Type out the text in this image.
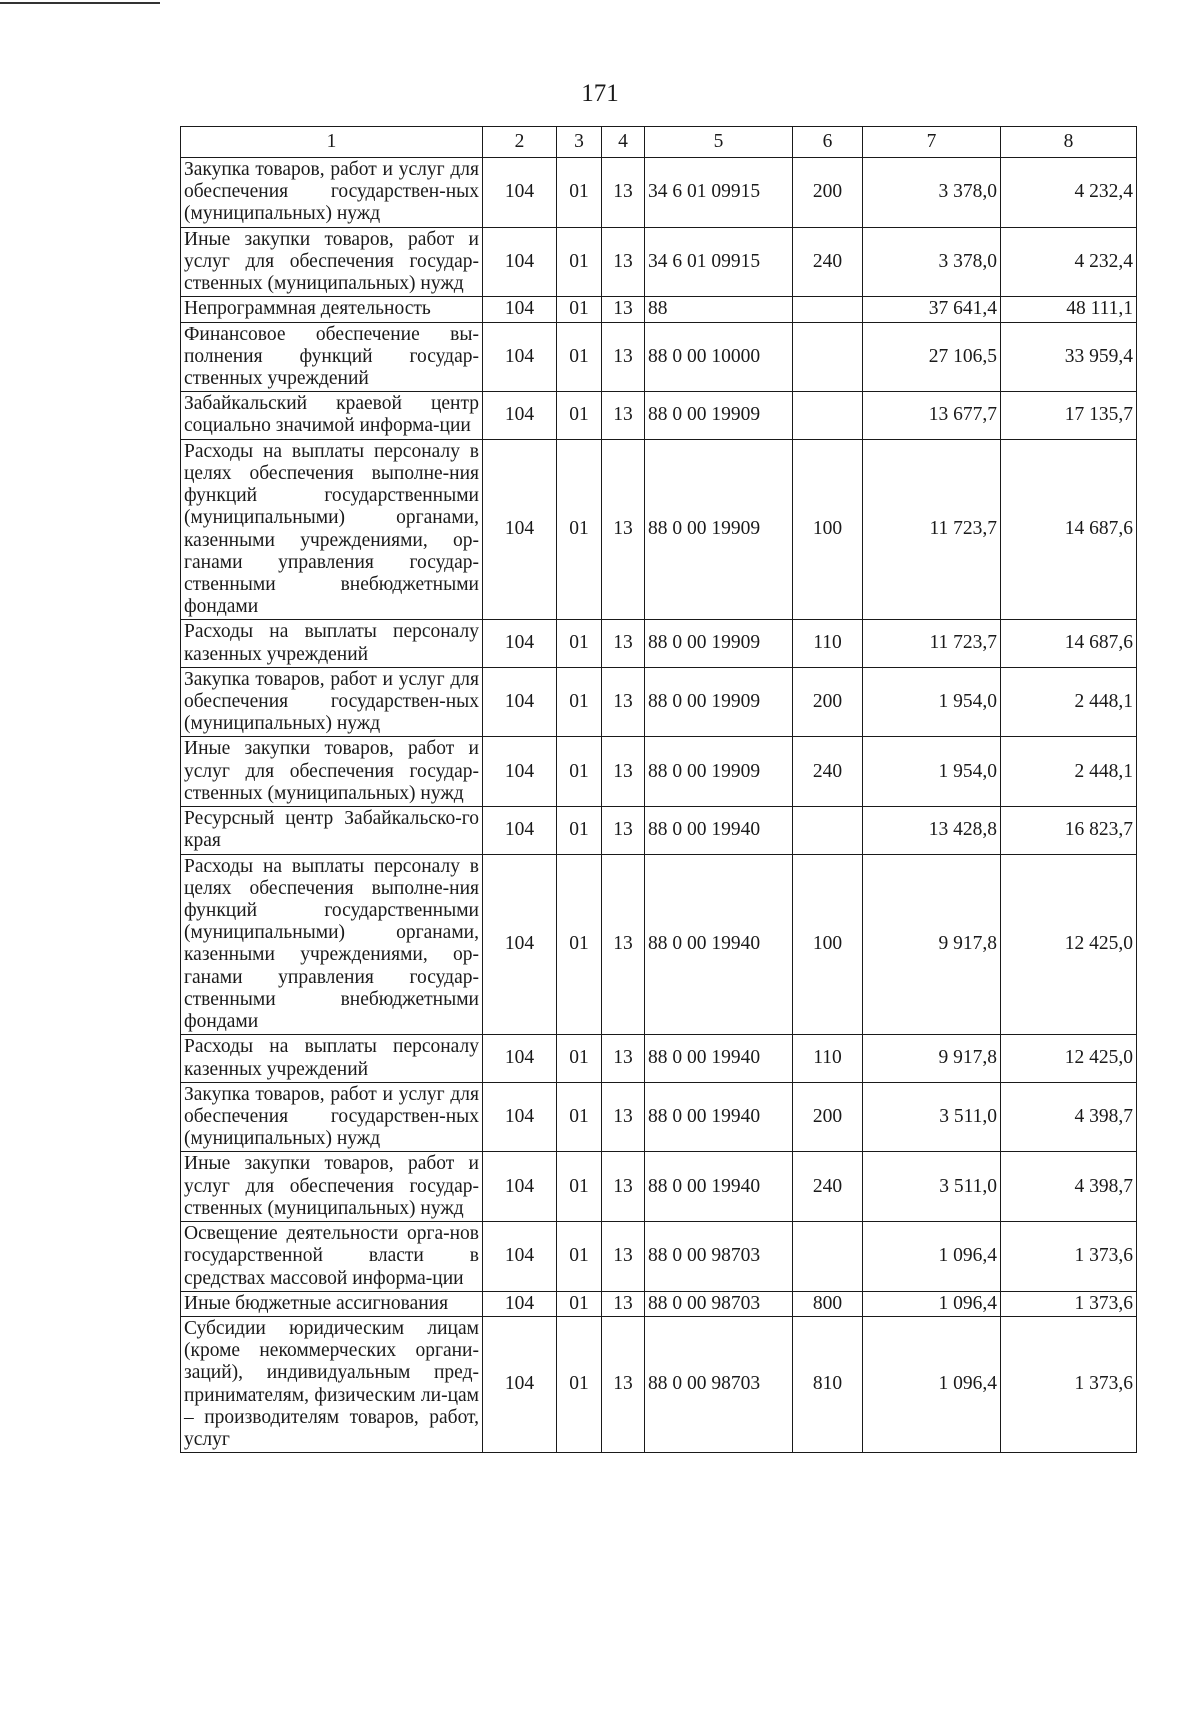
171
1	2	3	4	5	6	7	8
Закупка товаров, работ и услуг для обеспечения государствен-ных (муниципальных) нужд	104	01	13	34 6 01 09915	200	3 378,0	4 232,4
Иные закупки товаров, работ и услуг для обеспечения государ-ственных (муниципальных) нужд	104	01	13	34 6 01 09915	240	3 378,0	4 232,4
Непрограммная деятельность	104	01	13	88		37 641,4	48 111,1
Финансовое обеспечение вы-полнения функций государ-ственных учреждений	104	01	13	88 0 00 10000		27 106,5	33 959,4
Забайкальский краевой центр социально значимой информа-ции	104	01	13	88 0 00 19909		13 677,7	17 135,7
Расходы на выплаты персоналу в целях обеспечения выполне-ния функций государственными (муниципальными) органами, казенными учреждениями, ор-ганами управления государ-ственными внебюджетными фондами	104	01	13	88 0 00 19909	100	11 723,7	14 687,6
Расходы на выплаты персоналу казенных учреждений	104	01	13	88 0 00 19909	110	11 723,7	14 687,6
Закупка товаров, работ и услуг для обеспечения государствен-ных (муниципальных) нужд	104	01	13	88 0 00 19909	200	1 954,0	2 448,1
Иные закупки товаров, работ и услуг для обеспечения государ-ственных (муниципальных) нужд	104	01	13	88 0 00 19909	240	1 954,0	2 448,1
Ресурсный центр Забайкальско-го края	104	01	13	88 0 00 19940		13 428,8	16 823,7
Расходы на выплаты персоналу в целях обеспечения выполне-ния функций государственными (муниципальными) органами, казенными учреждениями, ор-ганами управления государ-ственными внебюджетными фондами	104	01	13	88 0 00 19940	100	9 917,8	12 425,0
Расходы на выплаты персоналу казенных учреждений	104	01	13	88 0 00 19940	110	9 917,8	12 425,0
Закупка товаров, работ и услуг для обеспечения государствен-ных (муниципальных) нужд	104	01	13	88 0 00 19940	200	3 511,0	4 398,7
Иные закупки товаров, работ и услуг для обеспечения государ-ственных (муниципальных) нужд	104	01	13	88 0 00 19940	240	3 511,0	4 398,7
Освещение деятельности орга-нов государственной власти в средствах массовой информа-ции	104	01	13	88 0 00 98703		1 096,4	1 373,6
Иные бюджетные ассигнования	104	01	13	88 0 00 98703	800	1 096,4	1 373,6
Субсидии юридическим лицам (кроме некоммерческих органи-заций), индивидуальным пред-принимателям, физическим ли-цам – производителям товаров, работ, услуг	104	01	13	88 0 00 98703	810	1 096,4	1 373,6
